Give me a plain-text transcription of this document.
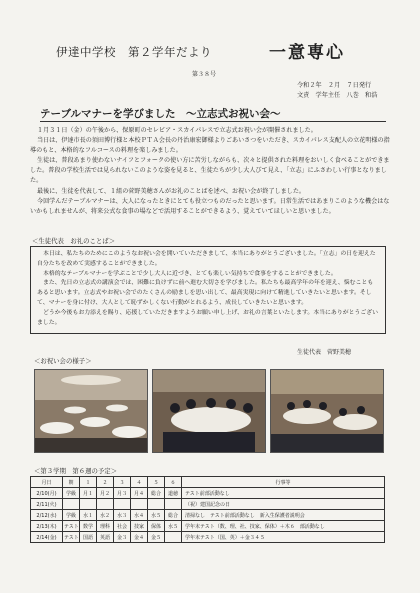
伊達中学校　第２学年だより	一意専心
第３８号
令和２年　２月　７日発行
文責　学年主任　八巻　和浩
テーブルマナーを学びました　～立志式お祝い会～

１月３１日（金）の午後から、保原町のセレビア・スカイパレスで立志式お祝い会が開催されました。

当日は、伊達市長の須田博行様と本校ＰＴＡ会長の丹治康宏御様よりごあいさつをいただき、スカイパレス支配人の立花明様の指導のもと、本格的なフルコースの料理を楽しみました。

生徒は、普段あまり使わないナイフとフォークの使い方に苦労しながらも、次々と提供された料理をおいしく食べることができました。普段の学校生活では見られないこのような姿を見ると、生徒たちが少し大人びて見え、「立志」にふさわしい行事となりました。

最後に、生徒を代表して、１組の菅野美穂さんがお礼のことばを述べ、お祝い会が終了しました。

今回学んだテーブルマナーは、大人になったときにとても役立つものだったと思います。日常生活ではあまりこのような機会はないかもしれませんが、将来公式な食事の場などで活用することができるよう、覚えていてほしいと思いました。

＜生徒代表　お礼のことば＞

本日は、私たちのためにこのようなお祝い会を開いていただきまして、本当にありがとうございました。「立志」の日を迎えた自分たちを改めて実感することができました。

本格的なテーブルマナーを学ぶことで少し大人に近づき、とても楽しい気持ちで食事をすることができました。

また、先日の立志式の講演会では、困難に負けずに前へ進む大切さを学びました。私たちも最高学年の年を迎え、悩むこともあると思います。立志式やお祝い会でのたくさんの励ましを思い出して、最高実現に向けて精進していきたいと思います。そして、マナーを身に付け、大人として恥ずかしくない行動がとれるよう、成長していきたいと思います。

どうか今後もお力添えを賜り、応援していただきますようお願い申し上げ、お礼の言葉といたします。本当にありがとうございました。

生徒代表　菅野美穂
＜お祝い会の様子＞
＜第３学期　第６週の予定＞
月日	朝	１	２	３	４	５	６	行事等
2/10(月)	学級	月１	月２	月３	月４	総合	道徳	テスト前部活動なし
2/11(火)								（祝）建国記念の日
2/12(水)	学級	水１	水２	水３	水４	水５	総合	清掃なし　テスト前部活動なし　新入生保護者説明会
2/13(木)	テスト	数学	理科	社会	技家	保体	水５	学年末テスト（数、理、社、技家、保体）＋木６　部活動なし
2/14(金)	テスト	国語	英語	金３	金４	金５		学年末テスト（国、英）＋金３４５
